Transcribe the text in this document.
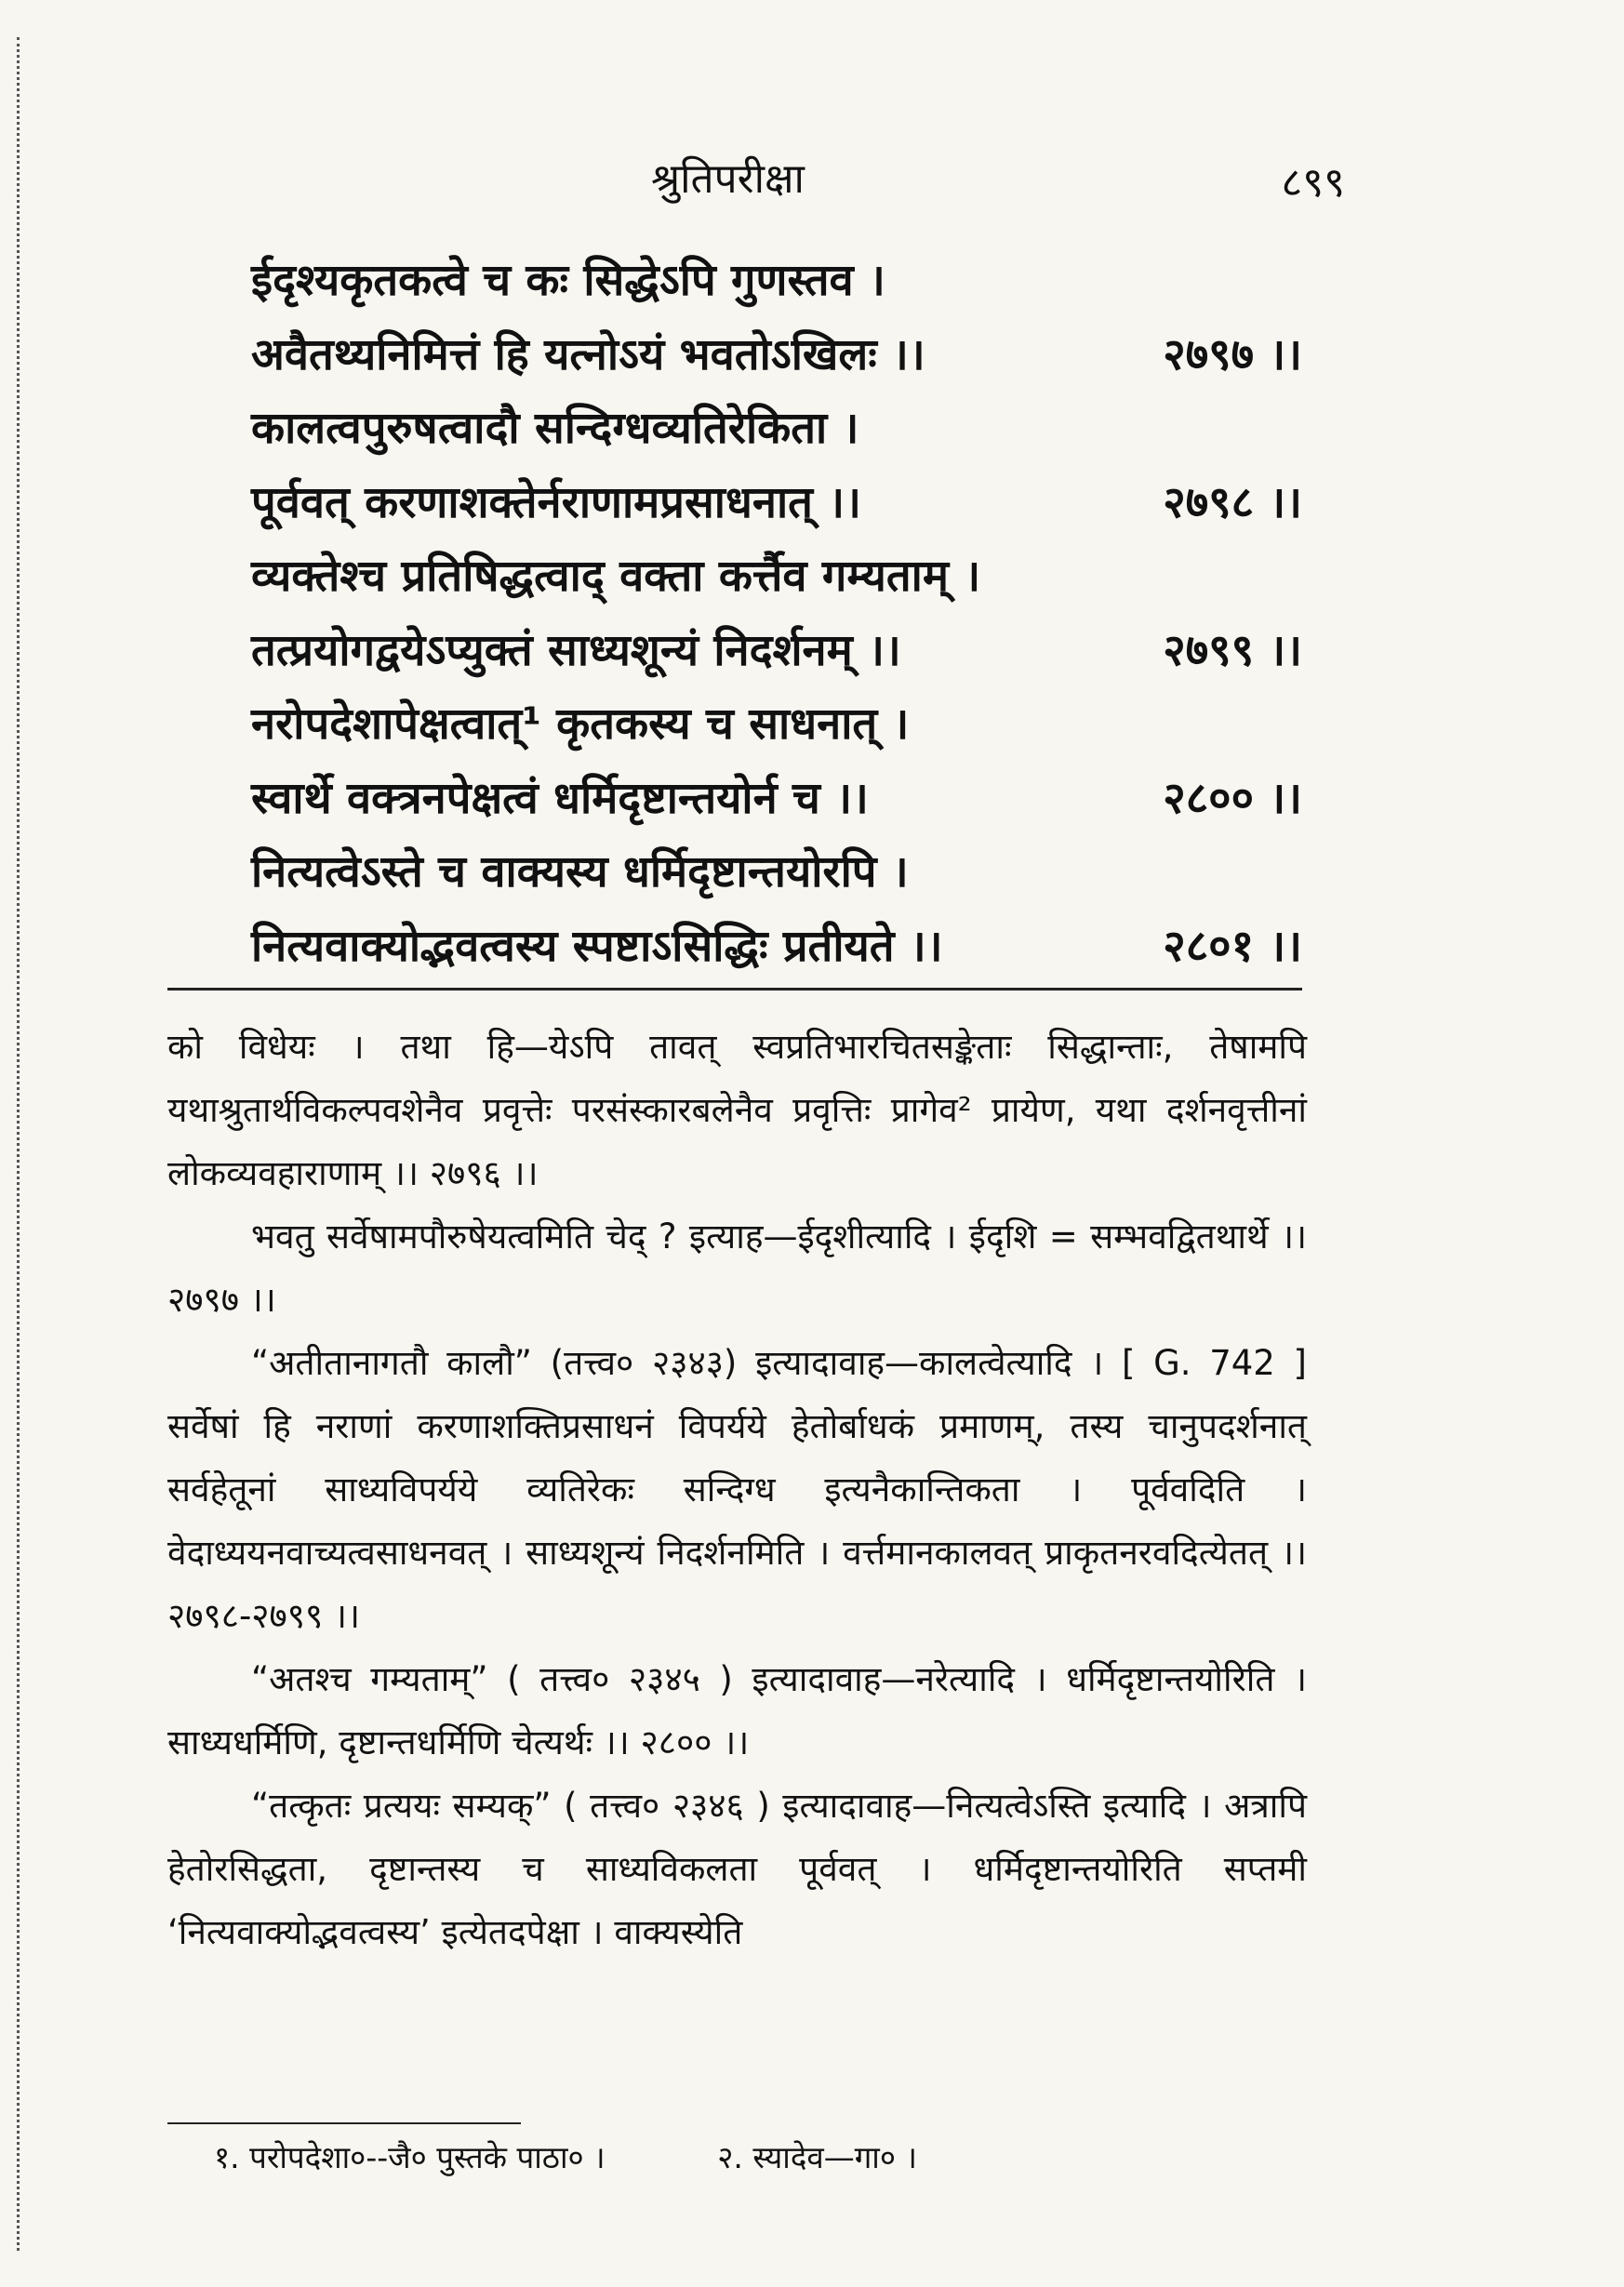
श्रुतिपरीक्षा	८९९
ईदृश्यकृतकत्वे च कः सिद्धेऽपि गुणस्तव ।
अवैतथ्यनिमित्तं हि यत्नोऽयं भवतोऽखिलः ।।	२७९७ ।।
कालत्वपुरुषत्वादौ सन्दिग्धव्यतिरेकिता ।
पूर्ववत् करणाशक्तेर्नराणामप्रसाधनात् ।।	२७९८ ।।
व्यक्तेश्च प्रतिषिद्धत्वाद् वक्ता कर्त्तैव गम्यताम् ।
तत्प्रयोगद्वयेऽप्युक्तं साध्यशून्यं निदर्शनम् ।।	२७९९ ।।
नरोपदेशापेक्षत्वात्¹ कृतकस्य च साधनात् ।
स्वार्थे वक्त्रनपेक्षत्वं धर्मिदृष्टान्तयोर्न च ।।	२८०० ।।
नित्यत्वेऽस्ते च वाक्यस्य धर्मिदृष्टान्तयोरपि ।
नित्यवाक्योद्भवत्वस्य स्पष्टाऽसिद्धिः प्रतीयते ।।	२८०१ ।।

को विधेयः । तथा हि—येऽपि तावत् स्वप्रतिभारचितसङ्केताः सिद्धान्ताः, तेषामपि यथाश्रुतार्थविकल्पवशेनैव प्रवृत्तेः परसंस्कारबलेनैव प्रवृत्तिः प्रागेव² प्रायेण, यथा दर्शनवृत्तीनां लोकव्यवहाराणाम् ।। २७९६ ।।

भवतु सर्वेषामपौरुषेयत्वमिति चेद् ? इत्याह—ईदृशीत्यादि । ईदृशि = सम्भवद्वितथार्थे ।। २७९७ ।।

“अतीतानागतौ कालौ” (तत्त्व० २३४३) इत्यादावाह—कालत्वेत्यादि । [ G. 742 ] सर्वेषां हि नराणां करणाशक्तिप्रसाधनं विपर्यये हेतोर्बाधकं प्रमाणम्, तस्य चानुपदर्शनात् सर्वहेतूनां साध्यविपर्यये व्यतिरेकः सन्दिग्ध इत्यनैकान्तिकता । पूर्ववदिति । वेदाध्ययनवाच्यत्वसाधनवत् । साध्यशून्यं निदर्शनमिति । वर्त्तमानकालवत् प्राकृतनरवदित्येतत् ।। २७९८-२७९९ ।।

“अतश्च गम्यताम्” ( तत्त्व० २३४५ ) इत्यादावाह—नरेत्यादि । धर्मिदृष्टान्तयोरिति । साध्यधर्मिणि, दृष्टान्तधर्मिणि चेत्यर्थः ।। २८०० ।।

“तत्कृतः प्रत्ययः सम्यक्” ( तत्त्व० २३४६ ) इत्यादावाह—नित्यत्वेऽस्ति इत्यादि । अत्रापि हेतोरसिद्धता, दृष्टान्तस्य च साध्यविकलता पूर्ववत् । धर्मिदृष्टान्तयोरिति सप्तमी ‘नित्यवाक्योद्भवत्वस्य’ इत्येतदपेक्षा । वाक्यस्येति

१. परोपदेशा०--जै० पुस्तके पाठा० ।	२. स्यादेव—गा० ।
